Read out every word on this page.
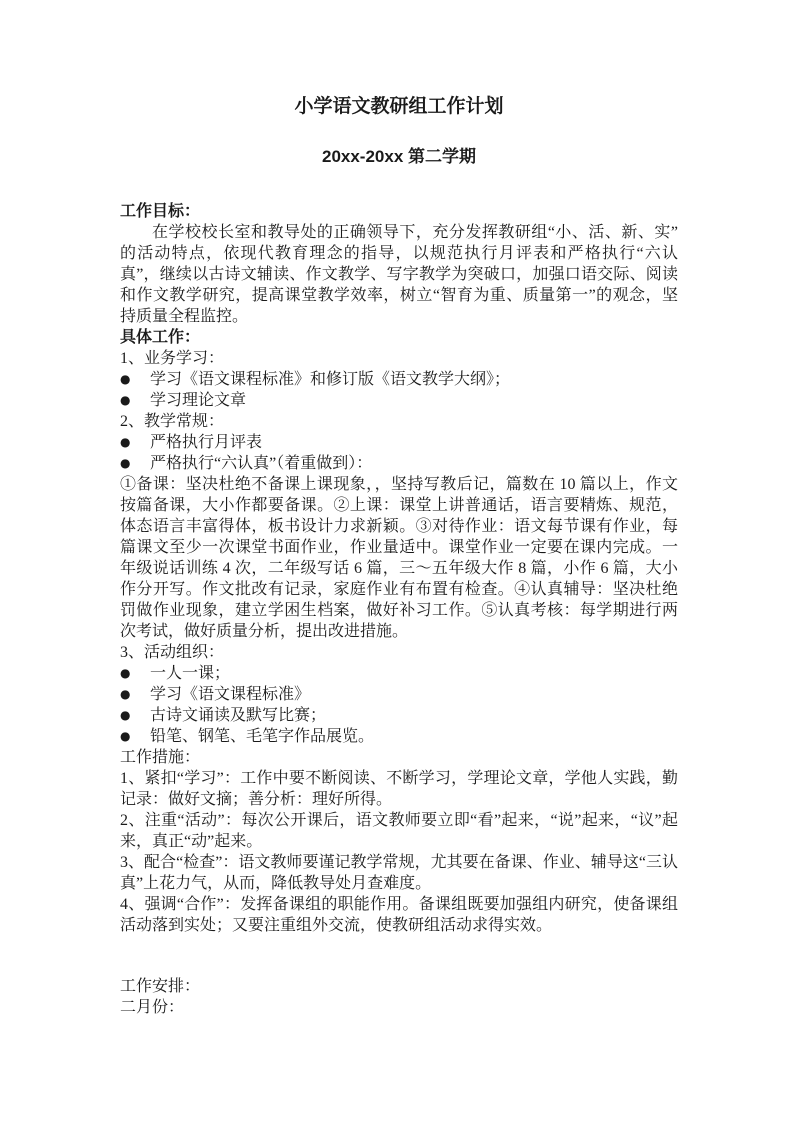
小学语文教研组工作计划
20xx-20xx 第二学期
工作目标：
在学校校长室和教导处的正确领导下，充分发挥教研组“小、活、新、实”的活动特点，依现代教育理念的指导，以规范执行月评表和严格执行“六认真”，继续以古诗文辅读、作文教学、写字教学为突破口，加强口语交际、阅读和作文教学研究，提高课堂教学效率，树立“智育为重、质量第一”的观念，坚持质量全程监控。
具体工作：
1、业务学习：
●	学习《语文课程标准》和修订版《语文教学大纲》；
●	学习理论文章
2、教学常规：
●	严格执行月评表
●	严格执行“六认真”（着重做到）：
①备课：坚决杜绝不备课上课现象，，坚持写教后记，篇数在 10 篇以上，作文按篇备课，大小作都要备课。②上课：课堂上讲普通话，语言要精炼、规范，体态语言丰富得体，板书设计力求新颖。③对待作业：语文每节课有作业，每篇课文至少一次课堂书面作业，作业量适中。课堂作业一定要在课内完成。一年级说话训练 4 次，二年级写话 6 篇，三～五年级大作 8 篇，小作 6 篇，大小作分开写。作文批改有记录，家庭作业有布置有检查。④认真辅导：坚决杜绝罚做作业现象，建立学困生档案，做好补习工作。⑤认真考核：每学期进行两次考试，做好质量分析，提出改进措施。
3、活动组织：
●	一人一课；
●	学习《语文课程标准》
●	古诗文诵读及默写比赛；
●	铅笔、钢笔、毛笔字作品展览。
工作措施：
1、紧扣“学习”：工作中要不断阅读、不断学习，学理论文章，学他人实践，勤记录：做好文摘；善分析：理好所得。
2、注重“活动”：每次公开课后，语文教师要立即“看”起来，“说”起来，“议”起来，真正“动”起来。
3、配合“检查”：语文教师要谨记教学常规，尤其要在备课、作业、辅导这“三认真”上花力气，从而，降低教导处月查难度。
4、强调“合作”：发挥备课组的职能作用。备课组既要加强组内研究，使备课组活动落到实处；又要注重组外交流，使教研组活动求得实效。
工作安排：
二月份：
